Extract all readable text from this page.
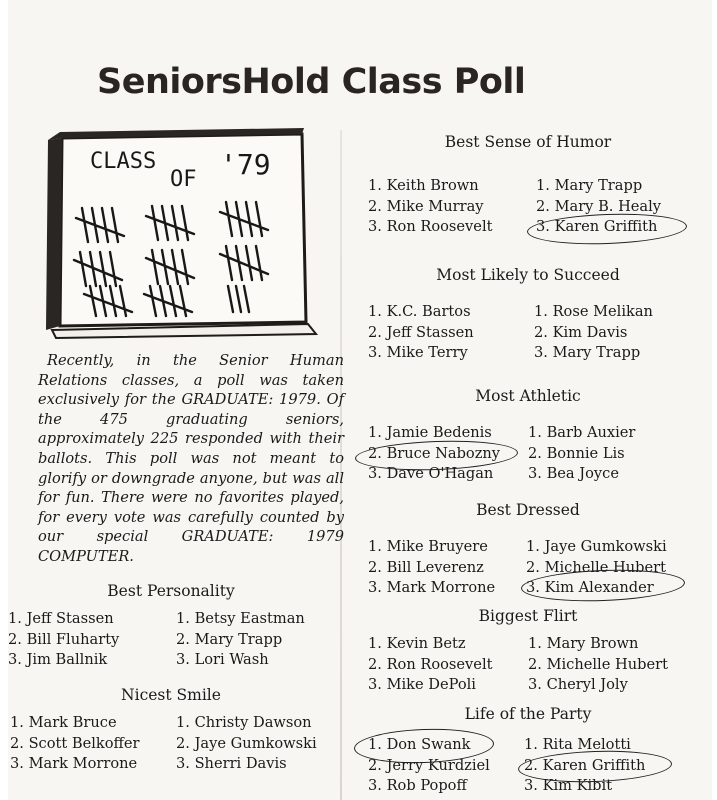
SeniorsHold Class Poll
CLASS
OF '79

Recently, in the Senior Human Relations classes, a poll was taken exclusively for the GRADUATE: 1979. Of the 475 graduating seniors, approximately 225 responded with their ballots. This poll was not meant to glorify or downgrade anyone, but was all for fun. There were no favorites played, for every vote was carefully counted by our special GRADUATE: 1979 COMPUTER.

Best Personality
1. Jeff Stassen
2. Bill Fluharty
3. Jim Ballnik
1. Betsy Eastman
2. Mary Trapp
3. Lori Wash
Nicest Smile
1. Mark Bruce
2. Scott Belkoffer
3. Mark Morrone
1. Christy Dawson
2. Jaye Gumkowski
3. Sherri Davis
Best Sense of Humor
1. Keith Brown
2. Mike Murray
3. Ron Roosevelt
1. Mary Trapp
2. Mary B. Healy
3. Karen Griffith
Most Likely to Succeed
1. K.C. Bartos
2. Jeff Stassen
3. Mike Terry
1. Rose Melikan
2. Kim Davis
3. Mary Trapp
Most Athletic
1. Jamie Bedenis
2. Bruce Nabozny
3. Dave O'Hagan
1. Barb Auxier
2. Bonnie Lis
3. Bea Joyce
Best Dressed
1. Mike Bruyere
2. Bill Leverenz
3. Mark Morrone
1. Jaye Gumkowski
2. Michelle Hubert
3. Kim Alexander
Biggest Flirt
1. Kevin Betz
2. Ron Roosevelt
3. Mike DePoli
1. Mary Brown
2. Michelle Hubert
3. Cheryl Joly
Life of the Party
1. Don Swank
2. Jerry Kurdziel
3. Rob Popoff
1. Rita Melotti
2. Karen Griffith
3. Kim Kibit
